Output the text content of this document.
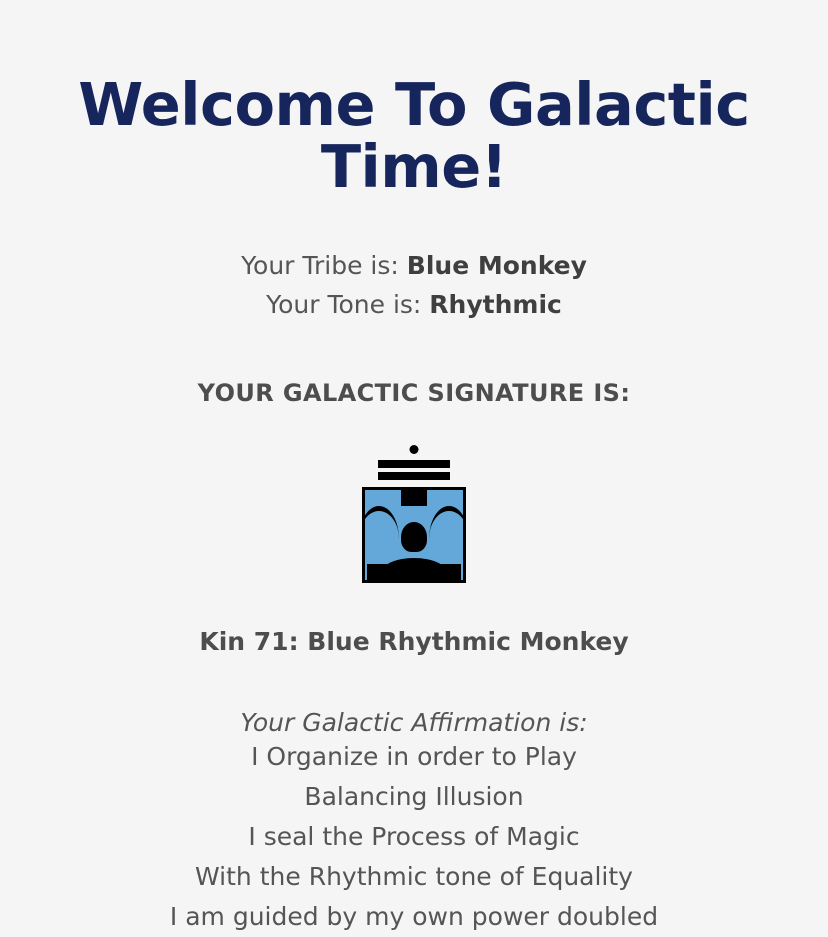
Welcome To Galactic Time!

Your Tribe is: Blue Monkey

Your Tone is: Rhythmic

YOUR GALACTIC SIGNATURE IS:

Kin 71: Blue Rhythmic Monkey

Your Galactic Affirmation is:

I Organize in order to Play

Balancing Illusion

I seal the Process of Magic

With the Rhythmic tone of Equality

I am guided by my own power doubled
